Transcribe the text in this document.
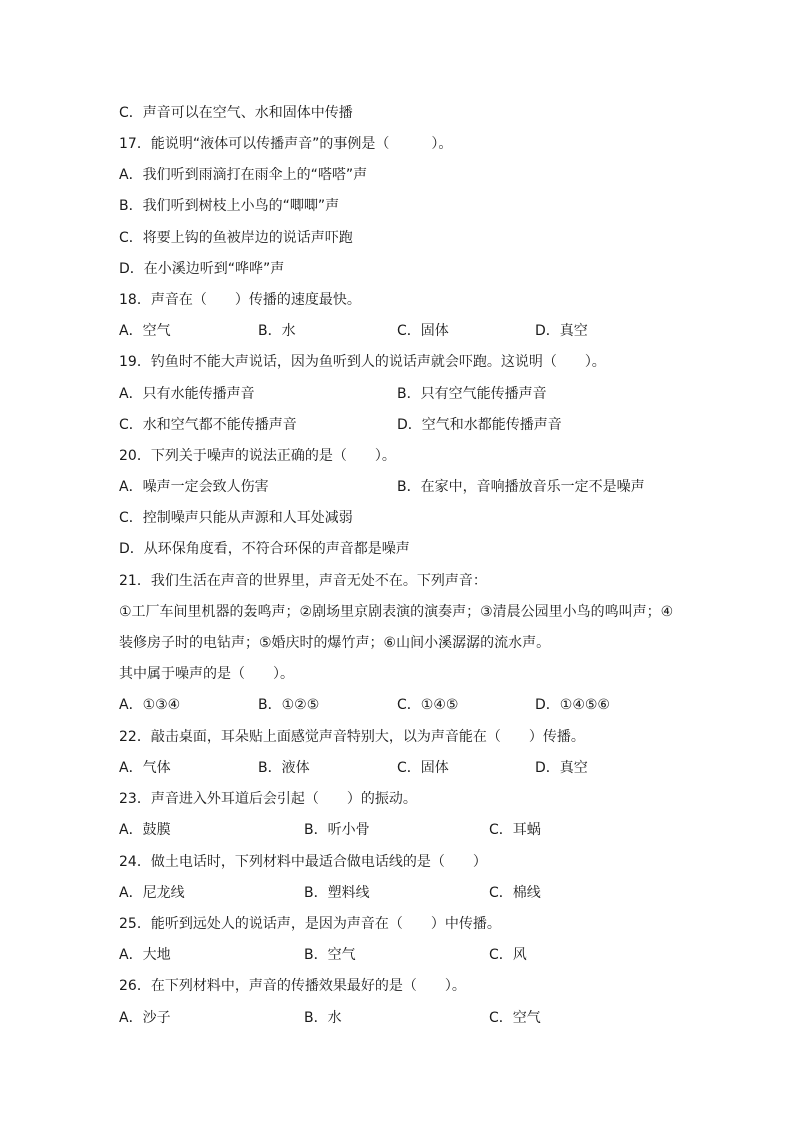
C．声音可以在空气、水和固体中传播
17．能说明“液体可以传播声音”的事例是（　　　）。
A．我们听到雨滴打在雨伞上的“嗒嗒”声
B．我们听到树枝上小鸟的“唧唧”声
C．将要上钩的鱼被岸边的说话声吓跑
D．在小溪边听到“哗哗”声
18．声音在（　　）传播的速度最快。
A．空气	B．水	C．固体	D．真空
19．钓鱼时不能大声说话，因为鱼听到人的说话声就会吓跑。这说明（　　）。
A．只有水能传播声音	B．只有空气能传播声音
C．水和空气都不能传播声音	D．空气和水都能传播声音
20．下列关于噪声的说法正确的是（　　）。
A．噪声一定会致人伤害	B．在家中，音响播放音乐一定不是噪声
C．控制噪声只能从声源和人耳处减弱
D．从环保角度看，不符合环保的声音都是噪声
21．我们生活在声音的世界里，声音无处不在。下列声音：
①工厂车间里机器的轰鸣声；②剧场里京剧表演的演奏声；③清晨公园里小鸟的鸣叫声；④
装修房子时的电钻声；⑤婚庆时的爆竹声；⑥山间小溪潺潺的流水声。
其中属于噪声的是（　　）。
A．①③④	B．①②⑤	C．①④⑤	D．①④⑤⑥
22．敲击桌面，耳朵贴上面感觉声音特别大，以为声音能在（　　）传播。
A．气体	B．液体	C．固体	D．真空
23．声音进入外耳道后会引起（　　）的振动。
A．鼓膜	B．听小骨	C．耳蜗
24．做土电话时，下列材料中最适合做电话线的是（　　）
A．尼龙线	B．塑料线	C．棉线
25．能听到远处人的说话声，是因为声音在（　　）中传播。
A．大地	B．空气	C．风
26．在下列材料中，声音的传播效果最好的是（　　）。
A．沙子	B．水	C．空气
